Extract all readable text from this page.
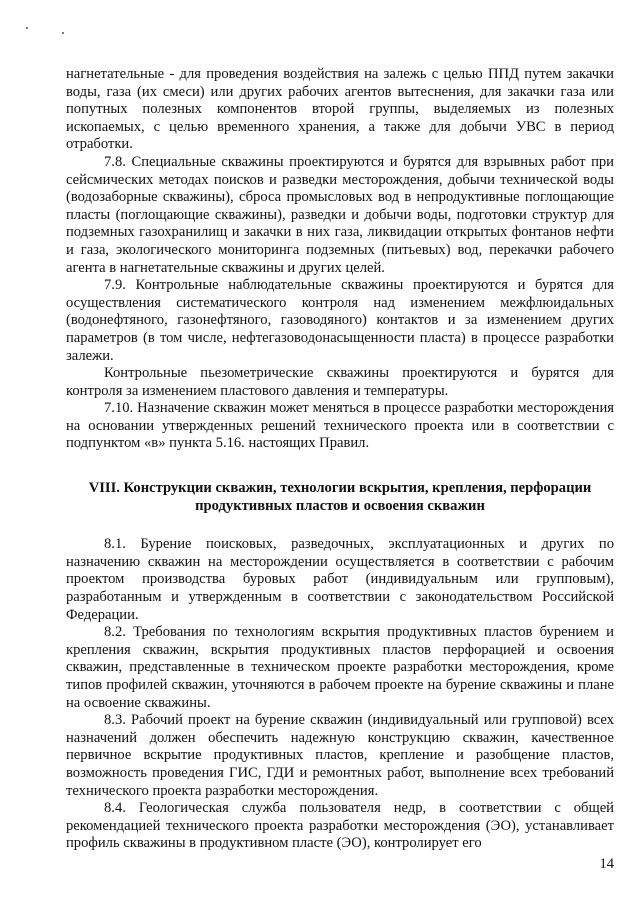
нагнетательные - для проведения воздействия на залежь с целью ППД путем закачки воды, газа (их смеси) или других рабочих агентов вытеснения, для закачки газа или попутных полезных компонентов второй группы, выделяемых из полезных ископаемых, с целью временного хранения, а также для добычи УВС в период отработки.

7.8. Специальные скважины проектируются и бурятся для взрывных работ при сейсмических методах поисков и разведки месторождения, добычи технической воды (водозаборные скважины), сброса промысловых вод в непродуктивные поглощающие пласты (поглощающие скважины), разведки и добычи воды, подготовки структур для подземных газохранилищ и закачки в них газа, ликвидации открытых фонтанов нефти и газа, экологического мониторинга подземных (питьевых) вод, перекачки рабочего агента в нагнетательные скважины и других целей.

7.9. Контрольные наблюдательные скважины проектируются и бурятся для осуществления систематического контроля над изменением межфлюидальных (водонефтяного, газонефтяного, газоводяного) контактов и за изменением других параметров (в том числе, нефтегазоводонасыщенности пласта) в процессе разработки залежи.

Контрольные пьезометрические скважины проектируются и бурятся для контроля за изменением пластового давления и температуры.

7.10. Назначение скважин может меняться в процессе разработки месторождения на основании утвержденных решений технического проекта или в соответствии с подпунктом «в» пункта 5.16. настоящих Правил.

VIII. Конструкции скважин, технологии вскрытия, крепления, перфорации продуктивных пластов и освоения скважин

8.1. Бурение поисковых, разведочных, эксплуатационных и других по назначению скважин на месторождении осуществляется в соответствии с рабочим проектом производства буровых работ (индивидуальным или групповым), разработанным и утвержденным в соответствии с законодательством Российской Федерации.

8.2. Требования по технологиям вскрытия продуктивных пластов бурением и крепления скважин, вскрытия продуктивных пластов перфорацией и освоения скважин, представленные в техническом проекте разработки месторождения, кроме типов профилей скважин, уточняются в рабочем проекте на бурение скважины и плане на освоение скважины.

8.3. Рабочий проект на бурение скважин (индивидуальный или групповой) всех назначений должен обеспечить надежную конструкцию скважин, качественное первичное вскрытие продуктивных пластов, крепление и разобщение пластов, возможность проведения ГИС, ГДИ и ремонтных работ, выполнение всех требований технического проекта разработки месторождения.

8.4. Геологическая служба пользователя недр, в соответствии с общей рекомендацией технического проекта разработки месторождения (ЭО), устанавливает профиль скважины в продуктивном пласте (ЭО), контролирует его

14
